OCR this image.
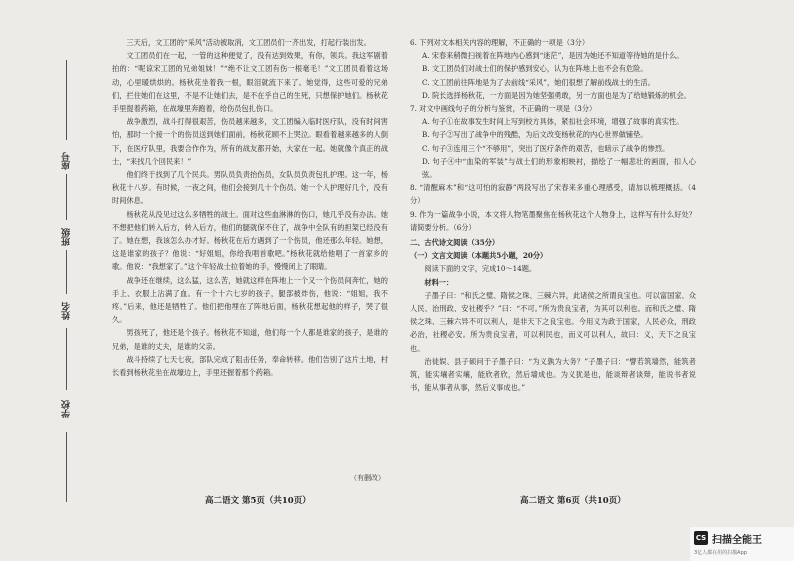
学校
姓名
班级
座号

三天后，文工团的“采风”活动被取消，文工团员们一齐出发，打起行装出发。

文工团员们在一起，一管的这种便觉了，没有达到效果，有你，领兵。我这军剧着拍的：“呢谅宋工团的兄弟姐妹！”“绝不让文工团有伤一根毫毛！”文工团员看着这场动，心里暖烘烘的。杨秋花坐着我一根，眼泪就流下来了。她觉得，这些可爱的兄弟们，拦住她们在这里，不是不让她们去，是不在乎自己的生死，只想保护她们。杨秋花手里提着药箱，在战壕里奔跑着，给伤员包扎伤口。

战争激烈，战斗打得很艰苦，伤员越来越多，文工团编入临时医疗队，没有时间害怕，那时一个接一个的伤员送到她们面前，杨秋花顾不上哭泣。眼看着越来越多的人倒下，在医疗队里，我要合作作为，所有的战友都开始，大家在一起。她就像个真正的战士，“来找几个回民来！”

他们终于找到了几个民兵。男队员负责抬伤员，女队员负责包扎护理。这一年，杨秋花十八岁。有时候，一夜之间，他们会接到几十个伤员。她一个人护理好几个，没有时间休息。

杨秋花从没见过这么多牺牲的战士。面对这些血淋淋的伤口，她几乎没有办法。她不想把他们转入后方，转入后方，他们的腿就保不住了，战争中全队有的担架已经没有了。她在想，我该怎么办才好。杨秋花在后方遇到了一个伤员，他还那么年轻。她想，这是谁家的孩子？他说：“好姐姐，你给我唱首歌吧。”杨秋花就给他唱了一首家乡的歌。他说：“我想家了。”这个年轻战士拉着她的手，慢慢闭上了眼睛。

战争还在继续，这么猛，这么苦，她就这样在阵地上一个又一个伤员间奔忙，她的手上、衣服上沾满了血。有一个十六七岁的孩子，腿部被炸伤，他说：“姐姐，我不疼。”后来，他还是牺牲了。他们把他埋在了阵地后面，杨秋花想起他的样子，哭了很久。

男孩死了，他还是个孩子。杨秋花不知道，他们每一个人都是谁家的孩子，是谁的兄弟，是谁的丈夫，是谁的父亲。

战斗持续了七天七夜，部队完成了阻击任务，奉命转移。他们告别了这片土地，村长看到杨秋花坐在战壕边上，手里还握着那个药箱。

（有删改）
高二语文 第5页（共10页）
6. 下列对文本相关内容的理解，不正确的一项是（3分）
A. 宋春来稍微扫视着在阵地内心感到“迷茫”，是因为她还不知道等待她的是什么。
B. 文工团员们对战士们的保护感到安心，认为在阵地上也不会有危险。
C. 文工团前往阵地是为了去前线“采风”，她们很想了解前线战士的生活。
D. 院长选择杨秋花，一方面是因为她坚强勇敢，另一方面也是为了给她锻炼的机会。
7. 对文中画线句子的分析与鉴赏，不正确的一项是（3分）
A. 句子①在故事发生时间上写到校方具体，紧扣社会环境，增强了故事的真实性。
B. 句子②写出了战争中的残酷，为后文改变杨秋花的内心世界做铺垫。
C. 句子③连用三个“不够用”，突出了医疗条件的艰苦，也暗示了战争的惨烈。
D. 句子④中“血染的军装”与战士们的形象相映衬，描绘了一幅悲壮的画面，扣人心弦。
8. “清醒麻木”和“这可怕的寂静”两段写出了宋春来多重心理感受，请加以梳理概括。（4分）
9. 作为一篇战争小说，本文将人物笔墨聚焦在杨秋花这个人物身上，这样写有什么好处？请简要分析。（6分）
二、古代诗文阅读（35分）
（一）文言文阅读（本题共5小题，20分）
阅读下面的文字，完成10～14题。
材料一：

子墨子曰：“和氏之璧、隋侯之珠、三棘六异，此诸侯之所谓良宝也。可以富国家、众人民、治刑政、安社稷乎？”曰：“不可。”所为贵良宝者，为其可以利也。而和氏之璧、隋侯之珠、三棘六异不可以利人，是非天下之良宝也。今用义为政于国家，人民必众，刑政必治，社稷必安。所为贵良宝者，可以利民也，而义可以利人，故曰：义，天下之良宝也。

治徒娱、县子硕问于子墨子曰：“为义孰为大务？”子墨子曰：“譬若筑墙然，能筑者筑，能实壤者实壤，能欣者欣，然后墙成也。为义犹是也，能谈辩者谈辩，能说书者说书，能从事者从事，然后义事成也。”

高二语文 第6页（共10页）
CS 扫描全能王
3亿人都在用的扫描App
